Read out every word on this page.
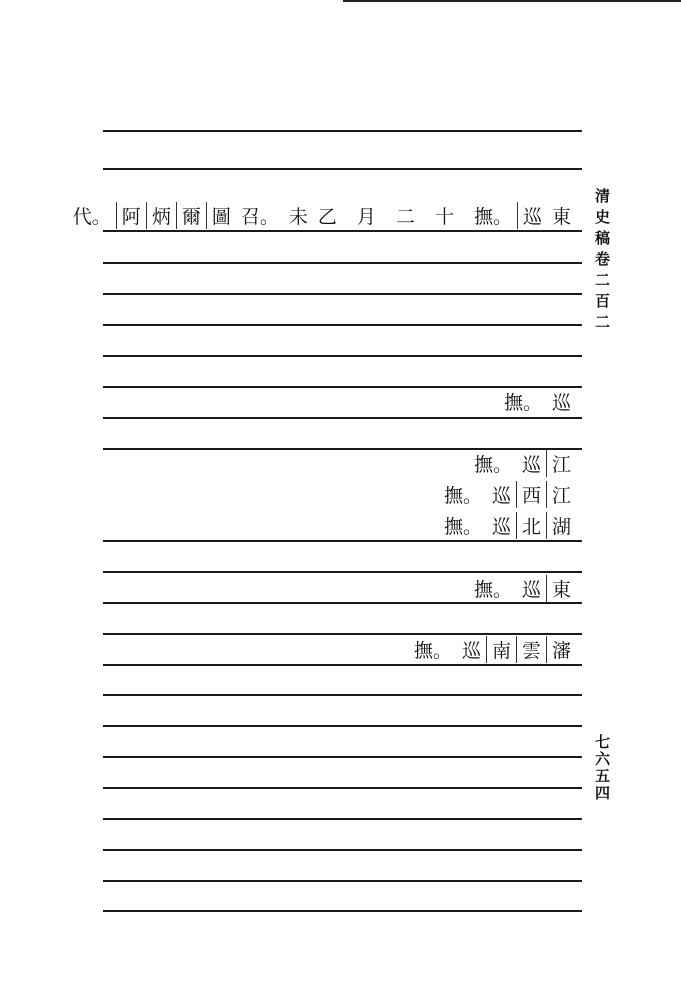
東
巡
撫。
十
二
月
乙
未
召。
圖
爾
炳
阿
代。
巡
撫。
江
巡
撫。
江
西
巡
撫。
湖
北
巡
撫。
東
巡
撫。
瀋
雲
南
巡
撫。
清史稿卷二百二
七六五四
